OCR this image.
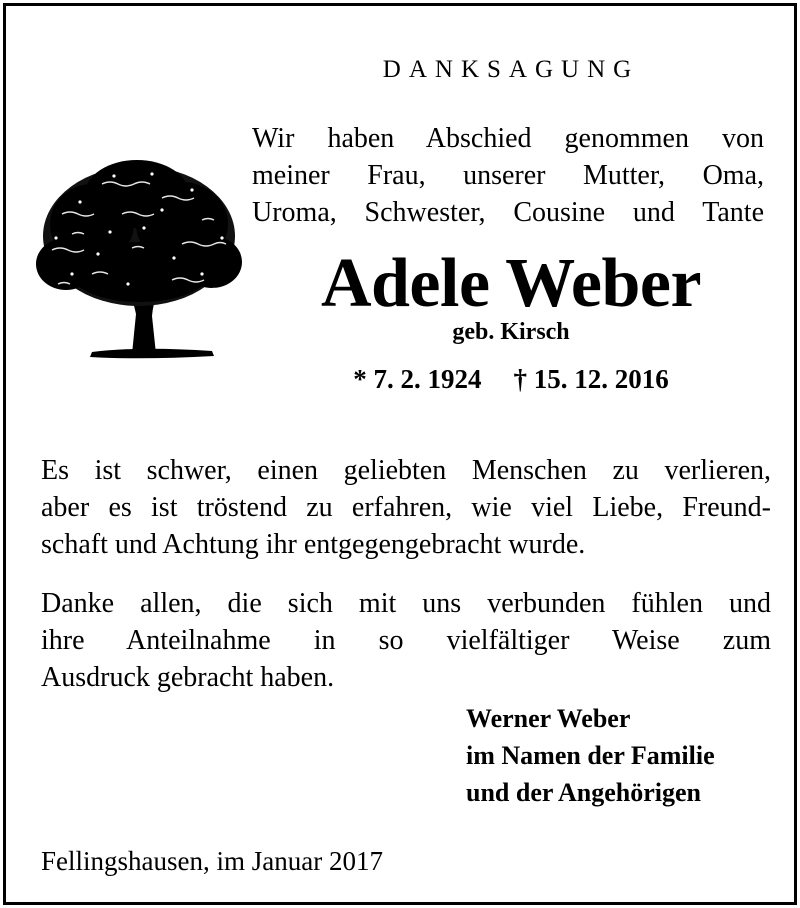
DANKSAGUNG
Wir haben Abschied genommen von
meiner Frau, unserer Mutter, Oma,
Uroma, Schwester, Cousine und Tante
Adele Weber
geb. Kirsch
* 7. 2. 1924 † 15. 12. 2016
Es ist schwer, einen geliebten Menschen zu verlieren,
aber es ist tröstend zu erfahren, wie viel Liebe, Freund-
schaft und Achtung ihr entgegengebracht wurde.
Danke allen, die sich mit uns verbunden fühlen und
ihre Anteilnahme in so vielfältiger Weise zum
Ausdruck gebracht haben.
Werner Weber
im Namen der Familie
und der Angehörigen
Fellingshausen, im Januar 2017
